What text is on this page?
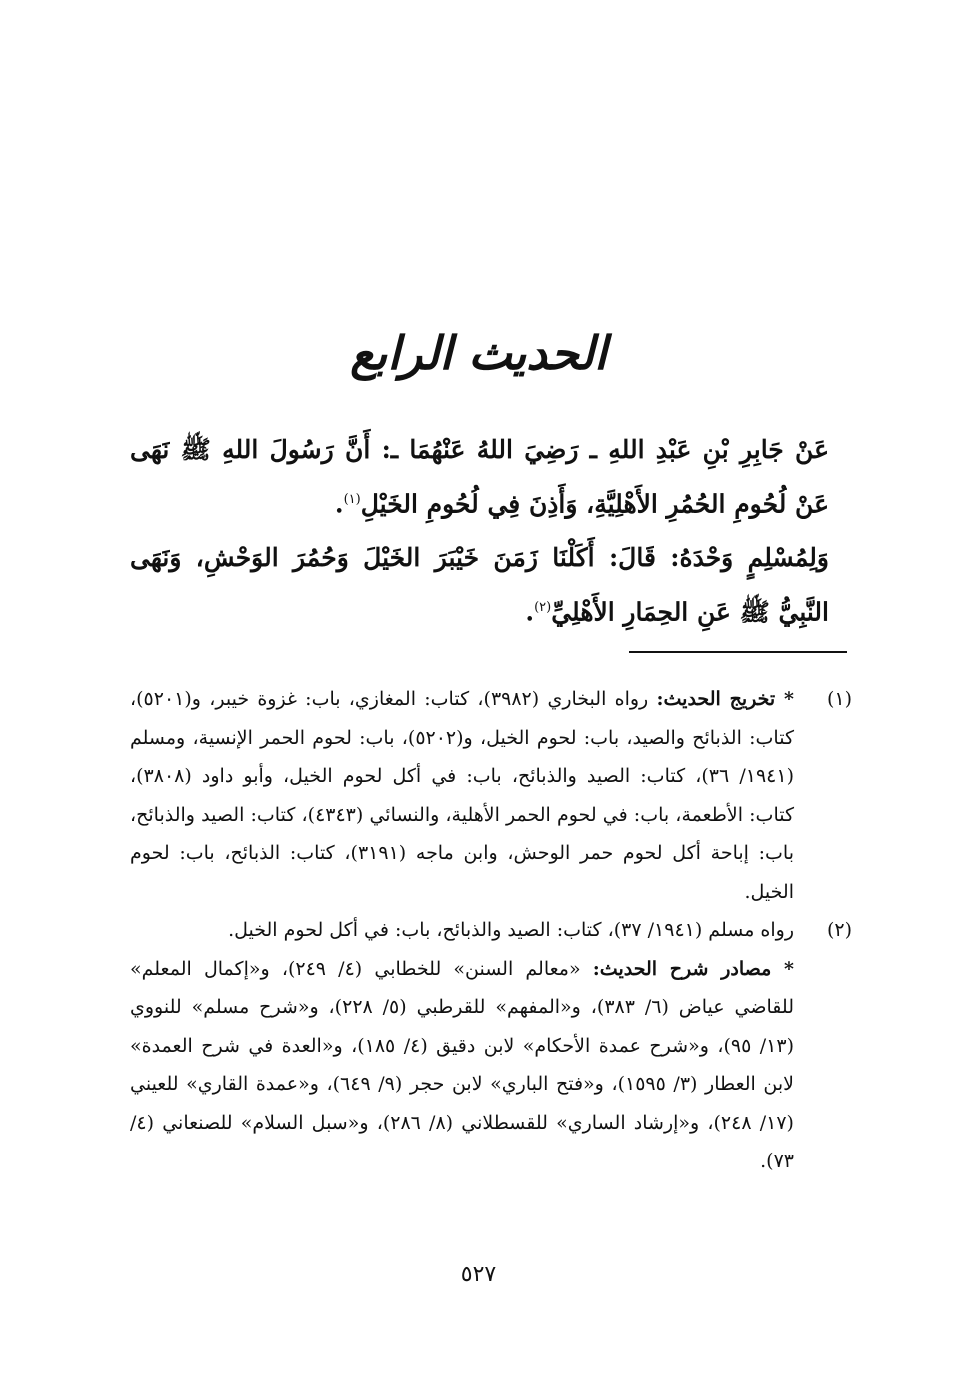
الحديث الرابع

عَنْ جَابِرِ بْنِ عَبْدِ اللهِ ـ رَضِيَ اللهُ عَنْهُمَا ـ: أَنَّ رَسُولَ اللهِ ﷺ نَهَى عَنْ لُحُومِ الحُمُرِ الأَهْلِيَّةِ، وَأَذِنَ فِي لُحُومِ الخَيْلِ$^{(١)}$.

وَلِمُسْلِمٍ وَحْدَهُ: قَالَ: أَكَلْنَا زَمَنَ خَيْبَرَ الخَيْلَ وَحُمُرَ الوَحْشِ، وَنَهَى النَّبِيُّ ﷺ عَنِ الحِمَارِ الأَهْلِيِّ$^{(٢)}$.

(١)
* تخريج الحديث: رواه البخاري (٣٩٨٢)، كتاب: المغازي، باب: غزوة خيبر، و(٥٢٠١)، كتاب: الذبائح والصيد، باب: لحوم الخيل، و(٥٢٠٢)، باب: لحوم الحمر الإنسية، ومسلم (١٩٤١/ ٣٦)، كتاب: الصيد والذبائح، باب: في أكل لحوم الخيل، وأبو داود (٣٨٠٨)، كتاب: الأطعمة، باب: في لحوم الحمر الأهلية، والنسائي (٤٣٤٣)، كتاب: الصيد والذبائح، باب: إباحة أكل لحوم حمر الوحش، وابن ماجه (٣١٩١)، كتاب: الذبائح، باب: لحوم الخيل.
(٢)
رواه مسلم (١٩٤١/ ٣٧)، كتاب: الصيد والذبائح، باب: في أكل لحوم الخيل.
* مصادر شرح الحديث: «معالم السنن» للخطابي (٤/ ٢٤٩)، و«إكمال المعلم» للقاضي عياض (٦/ ٣٨٣)، و«المفهم» للقرطبي (٥/ ٢٢٨)، و«شرح مسلم» للنووي (١٣/ ٩٥)، و«شرح عمدة الأحكام» لابن دقيق (٤/ ١٨٥)، و«العدة في شرح العمدة» لابن العطار (٣/ ١٥٩٥)، و«فتح الباري» لابن حجر (٩/ ٦٤٩)، و«عمدة القاري» للعيني (١٧/ ٢٤٨)، و«إرشاد الساري» للقسطلاني (٨/ ٢٨٦)، و«سبل السلام» للصنعاني (٤/ ٧٣).
٥٢٧
